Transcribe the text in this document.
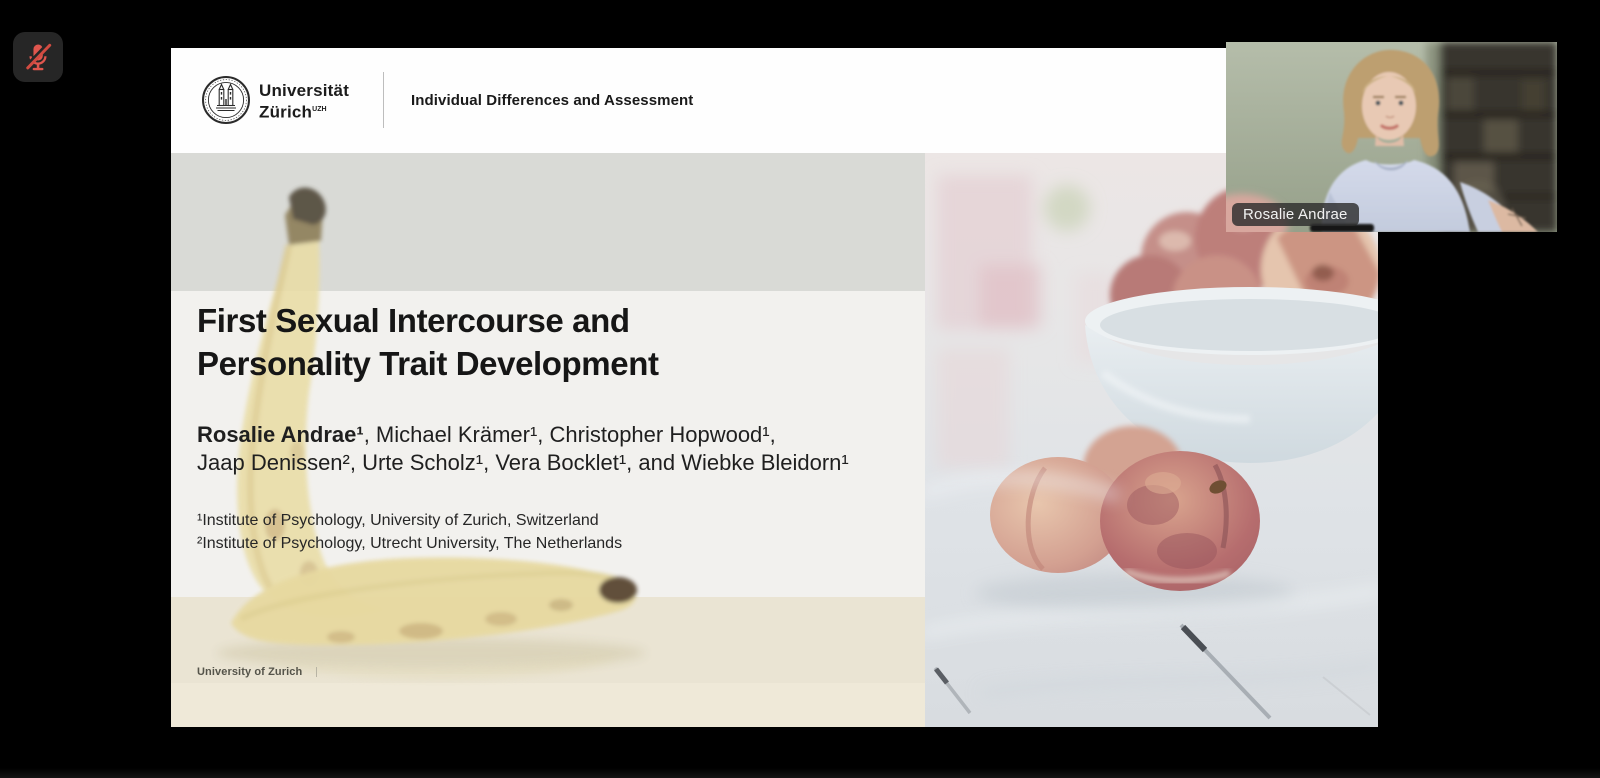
Universität
Zürich$^{UZH}$
Individual Differences and Assessment
First Sexual Intercourse and
Personality Trait Development
Rosalie Andrae¹, Michael Krämer¹, Christopher Hopwood¹,
Jaap Denissen², Urte Scholz¹, Vera Bocklet¹, and Wiebke Bleidorn¹
¹Institute of Psychology, University of Zurich, Switzerland
²Institute of Psychology, Utrecht University, The Netherlands
University of Zurich
Rosalie Andrae
